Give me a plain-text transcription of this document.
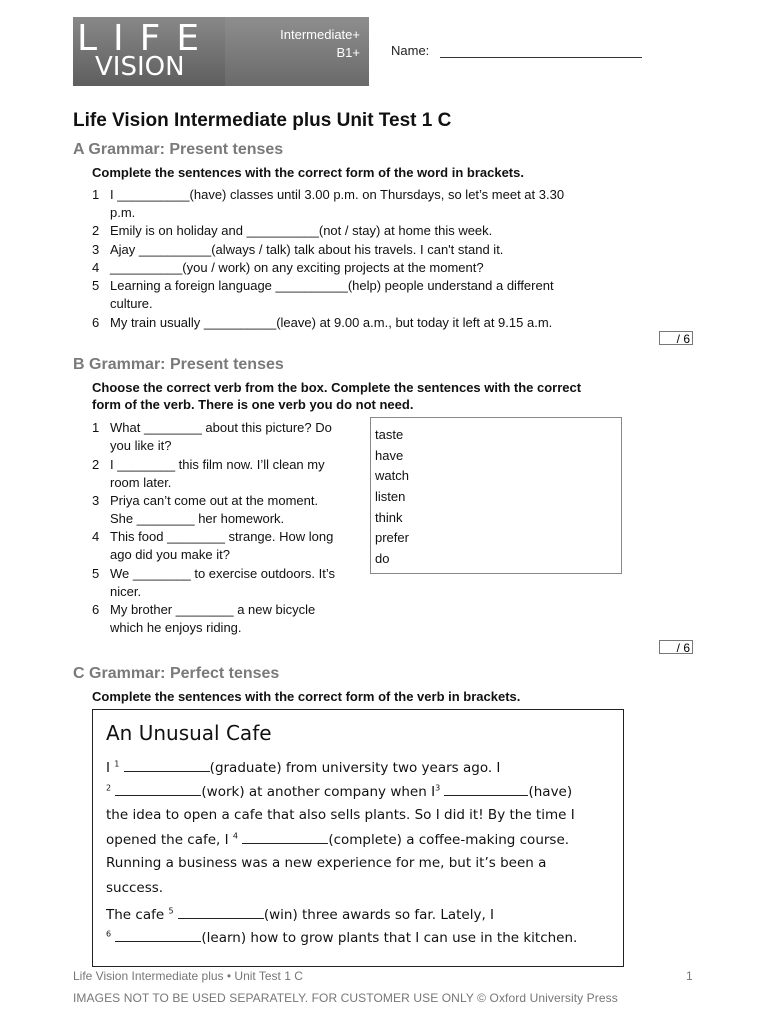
LIFE
VISION
Intermediate+
B1+ Name:
Life Vision Intermediate plus Unit Test 1 C
A Grammar: Present tenses
Complete the sentences with the correct form of the word in brackets.
1 I __________(have) classes until 3.00 p.m. on Thursdays, so let’s meet at 3.30
p.m.
2 Emily is on holiday and __________(not / stay) at home this week.
3 Ajay __________(always / talk) talk about his travels. I can't stand it.
4 __________(you / work) on any exciting projects at the moment?
5 Learning a foreign language __________(help) people understand a different
culture.
6 My train usually __________(leave) at 9.00 a.m., but today it left at 9.15 a.m.
/ 6
B Grammar: Present tenses
Choose the correct verb from the box. Complete the sentences with the correct
form of the verb. There is one verb you do not need.
1 What ________ about this picture? Do
you like it?
2 I ________ this film now. I’ll clean my
room later.
3 Priya can’t come out at the moment.
She ________ her homework.
4 This food ________ strange. How long
ago did you make it?
5 We ________ to exercise outdoors. It’s
nicer.
6 My brother ________ a new bicycle
which he enjoys riding.
taste
have
watch
listen
think
prefer
do
/ 6
C Grammar: Perfect tenses
Complete the sentences with the correct form of the verb in brackets.
An Unusual Cafe
I $^1$	(graduate) from university two years ago. I
$^2$	(work) at another company when $I^3$	(have)
the idea to open a cafe that also sells plants. So I did it! By the time I
opened the cafe, I $^4$	(complete) a coffee-making course.
Running a business was a new experience for me, but it’s been a
success.
The cafe $^5$	(win) three awards so far. Lately, I
$^6$	(learn) how to grow plants that I can use in the kitchen.
Life Vision Intermediate plus • Unit Test 1 C	1
IMAGES NOT TO BE USED SEPARATELY. FOR CUSTOMER USE ONLY © Oxford University Press
